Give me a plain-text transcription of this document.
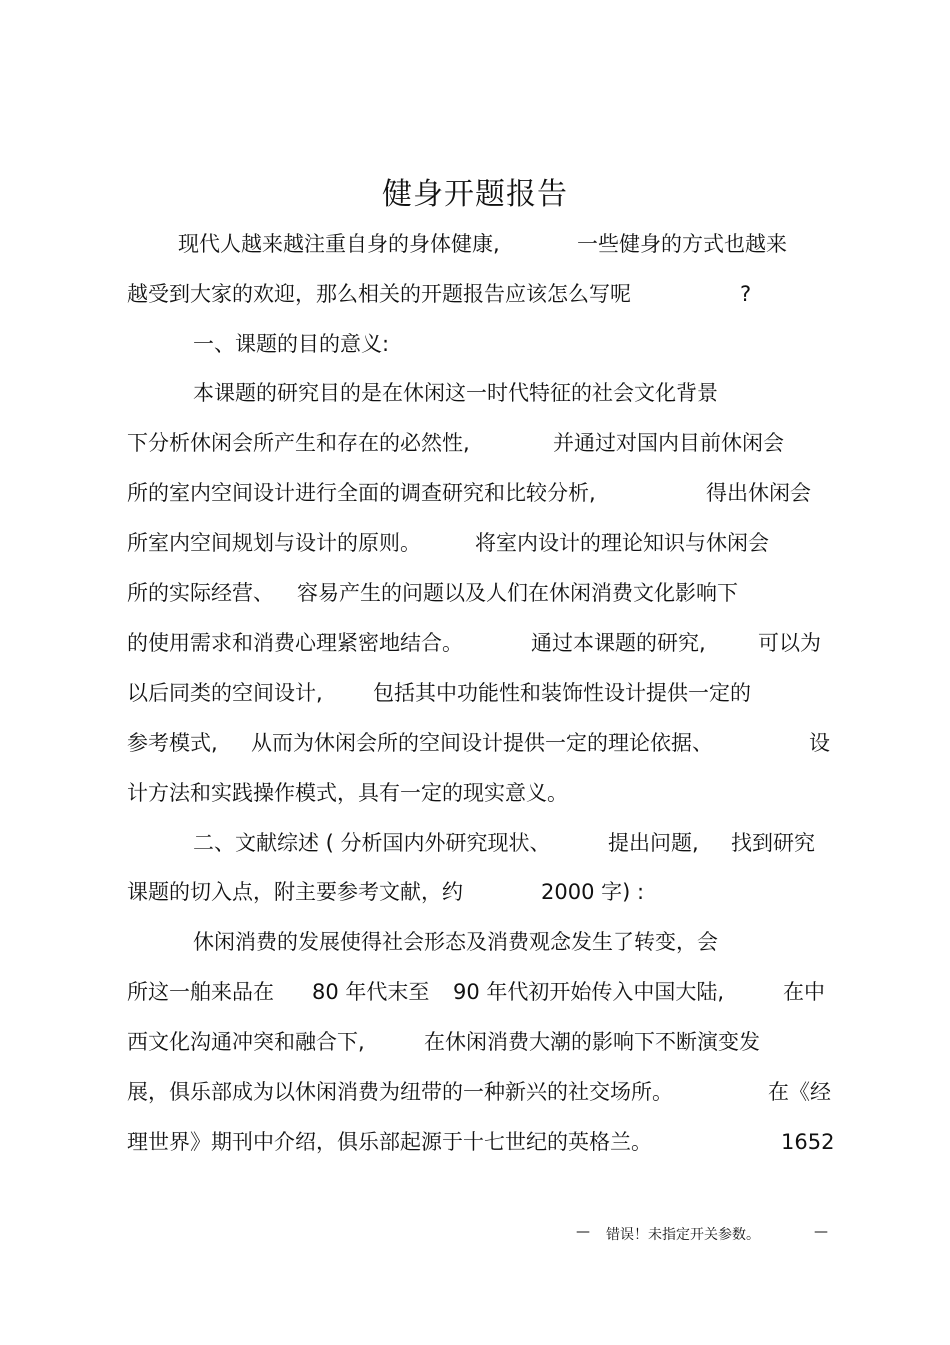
健身开题报告
现代人越来越注重自身的身体健康,	一些健身的方式也越来
越受到大家的欢迎，那么相关的开题报告应该怎么写呢	?
一、课题的目的意义:
本课题的研究目的是在休闲这一时代特征的社会文化背景
下分析休闲会所产生和存在的必然性,	并通过对国内目前休闲会
所的室内空间设计进行全面的调查研究和比较分析,	得出休闲会
所室内空间规划与设计的原则。	将室内设计的理论知识与休闲会
所的实际经营、 容易产生的问题以及人们在休闲消费文化影响下
的使用需求和消费心理紧密地结合。	通过本课题的研究, 可以为
以后同类的空间设计, 包括其中功能性和装饰性设计提供一定的
参考模式, 从而为休闲会所的空间设计提供一定的理论依据、	设
计方法和实践操作模式，具有一定的现实意义。
二、文献综述 ( 分析国内外研究现状、	提出问题, 找到研究
课题的切入点，附主要参考文献，约	2000 字) :
休闲消费的发展使得社会形态及消费观念发生了转变，会
所这一舶来品在 80 年代末至 90 年代初开始传入中国大陆,	在中
西文化沟通冲突和融合下,	在休闲消费大潮的影响下不断演变发
展，俱乐部成为以休闲消费为纽带的一种新兴的社交场所。	在《经
理世界》期刊中介绍，俱乐部起源于十七世纪的英格兰。	1652
— 错误！未指定开关参数。	—
